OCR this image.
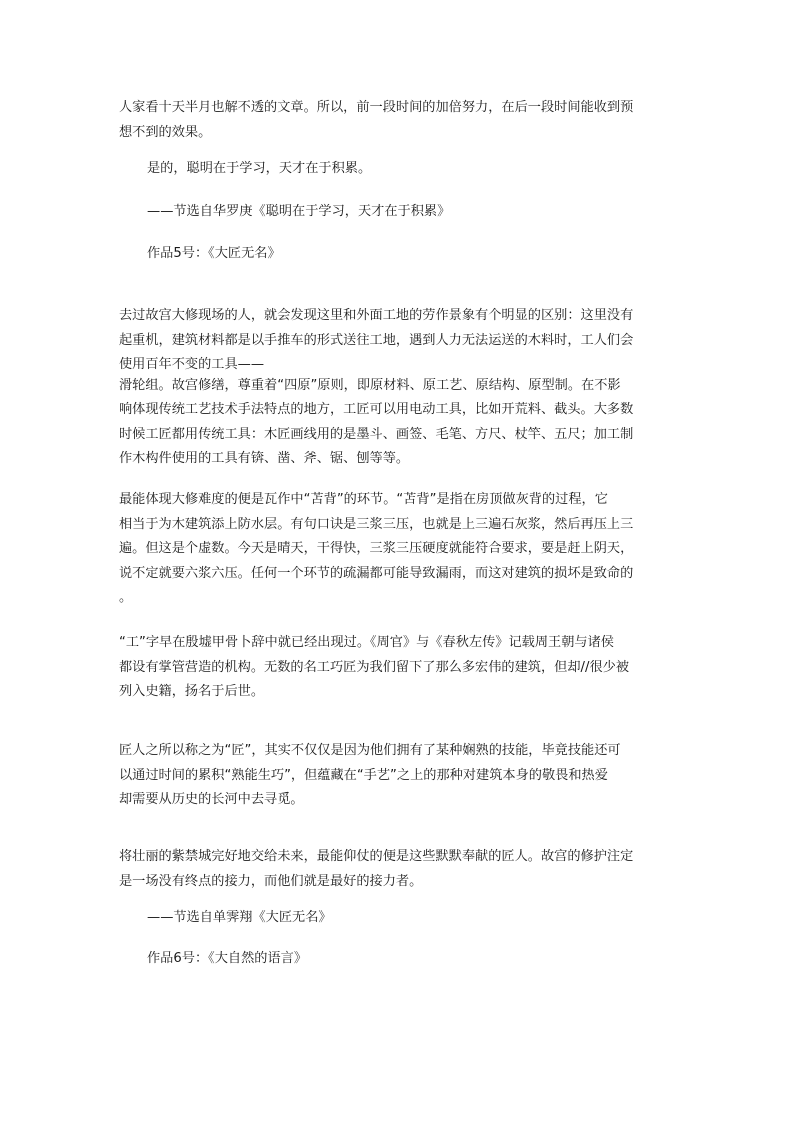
人家看十天半月也解不透的文章。所以，前一段时间的加倍努力，在后一段时间能收到预
想不到的效果。
是的，聪明在于学习，天才在于积累。
——节选自华罗庚《聪明在于学习，天才在于积累》
作品5号：《大匠无名》
去过故宫大修现场的人，就会发现这里和外面工地的劳作景象有个明显的区别：这里没有
起重机，建筑材料都是以手推车的形式送往工地，遇到人力无法运送的木料时，工人们会
使用百年不变的工具——
滑轮组。故宫修缮，尊重着“四原”原则，即原材料、原工艺、原结构、原型制。在不影
响体现传统工艺技术手法特点的地方，工匠可以用电动工具，比如开荒料、截头。大多数
时候工匠都用传统工具：木匠画线用的是墨斗、画签、毛笔、方尺、杖竿、五尺；加工制
作木构件使用的工具有锛、凿、斧、锯、刨等等。
最能体现大修难度的便是瓦作中“苫背”的环节。“苫背”是指在房顶做灰背的过程，它
相当于为木建筑添上防水层。有句口诀是三浆三压，也就是上三遍石灰浆，然后再压上三
遍。但这是个虚数。今天是晴天，干得快，三浆三压硬度就能符合要求，要是赶上阴天，
说不定就要六浆六压。任何一个环节的疏漏都可能导致漏雨，而这对建筑的损坏是致命的
。
“工”字早在殷墟甲骨卜辞中就已经出现过。《周官》与《春秋左传》记载周王朝与诸侯
都设有掌管营造的机构。无数的名工巧匠为我们留下了那么多宏伟的建筑，但却//很少被
列入史籍，扬名于后世。
匠人之所以称之为“匠”，其实不仅仅是因为他们拥有了某种娴熟的技能，毕竟技能还可
以通过时间的累积“熟能生巧”，但蕴藏在“手艺”之上的那种对建筑本身的敬畏和热爱
却需要从历史的长河中去寻觅。
将壮丽的紫禁城完好地交给未来，最能仰仗的便是这些默默奉献的匠人。故宫的修护注定
是一场没有终点的接力，而他们就是最好的接力者。
——节选自单霁翔《大匠无名》
作品6号：《大自然的语言》
